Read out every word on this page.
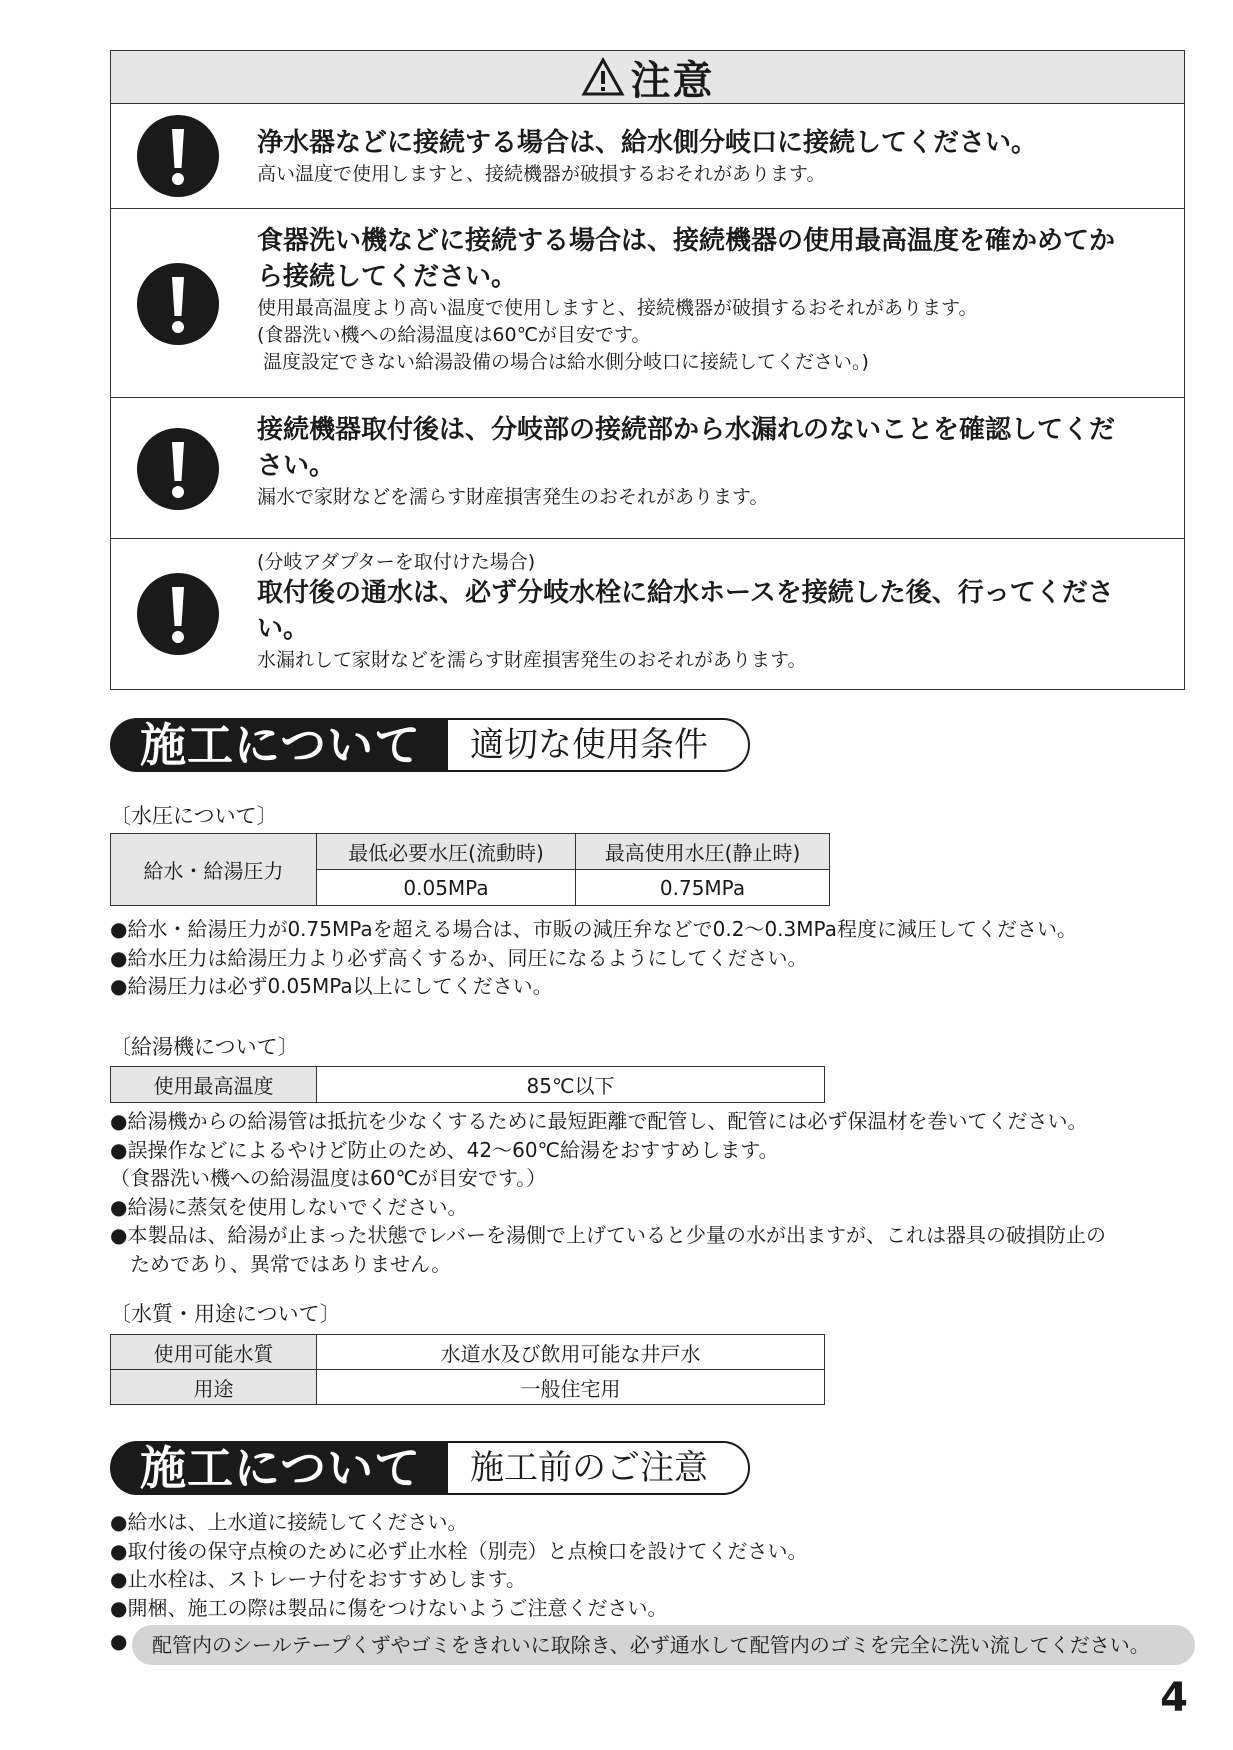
注意
浄水器などに接続する場合は、給水側分岐口に接続してください。
高い温度で使用しますと、接続機器が破損するおそれがあります。
食器洗い機などに接続する場合は、接続機器の使用最高温度を確かめてから接続してください。
使用最高温度より高い温度で使用しますと、接続機器が破損するおそれがあります。
(食器洗い機への給湯温度は60℃が目安です。
温度設定できない給湯設備の場合は給水側分岐口に接続してください。)
接続機器取付後は、分岐部の接続部から水漏れのないことを確認してください。
漏水で家財などを濡らす財産損害発生のおそれがあります。
(分岐アダプターを取付けた場合)
取付後の通水は、必ず分岐水栓に給水ホースを接続した後、行ってください。
水漏れして家財などを濡らす財産損害発生のおそれがあります。
施工について	適切な使用条件
〔水圧について〕
給水・給湯圧力	最低必要水圧(流動時)	最高使用水圧(静止時)
	0.05MPa	0.75MPa
●給水・給湯圧力が0.75MPaを超える場合は、市販の減圧弁などで0.2～0.3MPa程度に減圧してください。
●給水圧力は給湯圧力より必ず高くするか、同圧になるようにしてください。
●給湯圧力は必ず0.05MPa以上にしてください。
〔給湯機について〕
使用最高温度	85℃以下
●給湯機からの給湯管は抵抗を少なくするために最短距離で配管し、配管には必ず保温材を巻いてください。
●誤操作などによるやけど防止のため、42～60℃給湯をおすすめします。
（食器洗い機への給湯温度は60℃が目安です。）
●給湯に蒸気を使用しないでください。
●本製品は、給湯が止まった状態でレバーを湯側で上げていると少量の水が出ますが、これは器具の破損防止の
ためであり、異常ではありません。
〔水質・用途について〕
使用可能水質	水道水及び飲用可能な井戸水
用途	一般住宅用
施工について	施工前のご注意
●給水は、上水道に接続してください。
●取付後の保守点検のために必ず止水栓（別売）と点検口を設けてください。
●止水栓は、ストレーナ付をおすすめします。
●開梱、施工の際は製品に傷をつけないようご注意ください。
●	配管内のシールテープくずやゴミをきれいに取除き、必ず通水して配管内のゴミを完全に洗い流してください。
4
